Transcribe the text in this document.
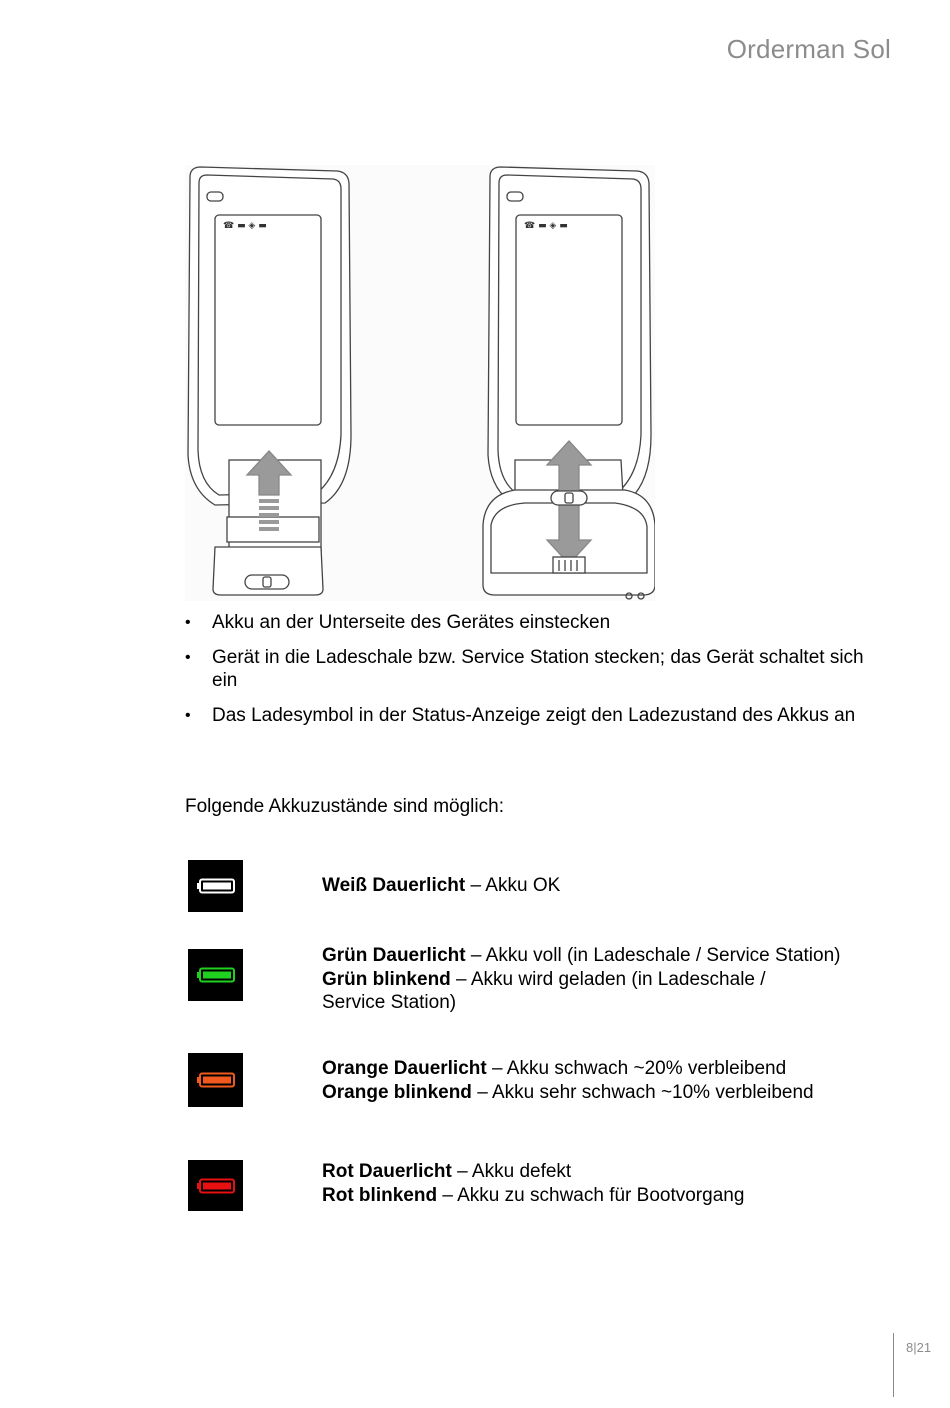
Orderman Sol
☎ ▬ ◈ ▬	☎ ▬ ◈ ▬
• Akku an der Unterseite des Gerätes einstecken
• Gerät in die Ladeschale bzw. Service Station stecken; das Gerät schaltet sich ein
• Das Ladesymbol in der Status-Anzeige zeigt den Ladezustand des Akkus an
Folgende Akkuzustände sind möglich:
Weiß Dauerlicht – Akku OK
Grün Dauerlicht – Akku voll (in Ladeschale / Service Station)
Grün blinkend – Akku wird geladen (in Ladeschale / Service Station)
Orange Dauerlicht – Akku schwach ~20% verbleibend
Orange blinkend – Akku sehr schwach ~10% verbleibend
Rot Dauerlicht – Akku defekt
Rot blinkend – Akku zu schwach für Bootvorgang
8|21
